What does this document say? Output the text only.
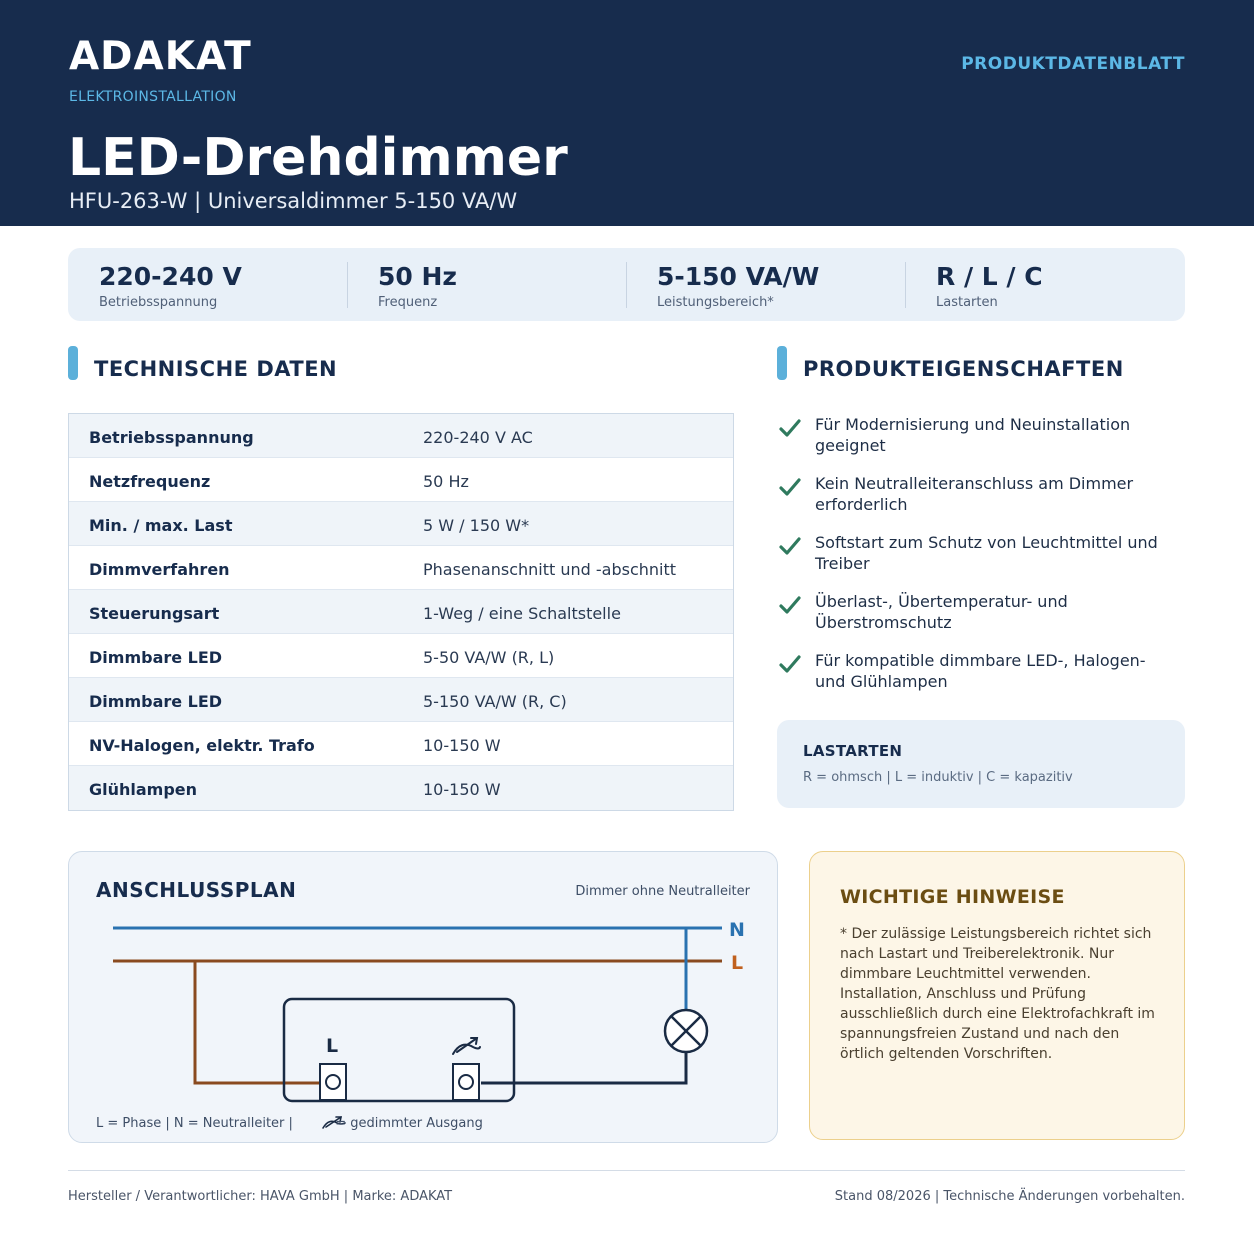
ADAKAT
ELEKTROINSTALLATION
PRODUKTDATENBLATT
LED-Drehdimmer
HFU-263-W | Universaldimmer 5-150 VA/W
220-240 V
Betriebsspannung
50 Hz
Frequenz
5-150 VA/W
Leistungsbereich*
R / L / C
Lastarten
TECHNISCHE DATEN
Betriebsspannung	220-240 V AC
Netzfrequenz	50 Hz
Min. / max. Last	5 W / 150 W*
Dimmverfahren	Phasenanschnitt und -abschnitt
Steuerungsart	1-Weg / eine Schaltstelle
Dimmbare LED	5-50 VA/W (R, L)
Dimmbare LED	5-150 VA/W (R, C)
NV-Halogen, elektr. Trafo	10-150 W
Glühlampen	10-150 W
PRODUKTEIGENSCHAFTEN
Für Modernisierung und Neuinstallation geeignet
Kein Neutralleiteranschluss am Dimmer erforderlich
Softstart zum Schutz von Leuchtmittel und Treiber
Überlast-, Übertemperatur- und Überstromschutz
Für kompatible dimmbare LED-, Halogen- und Glühlampen
LASTARTEN
R = ohmsch | L = induktiv | C = kapazitiv
N
L
L
ANSCHLUSSPLAN	Dimmer ohne Neutralleiter
L = Phase | N = Neutralleiter |	= gedimmter Ausgang
WICHTIGE HINWEISE
* Der zulässige Leistungsbereich richtet sich nach Lastart und Treiberelektronik. Nur dimmbare Leuchtmittel verwenden. Installation, Anschluss und Prüfung ausschließlich durch eine Elektrofachkraft im spannungsfreien Zustand und nach den örtlich geltenden Vorschriften.
Hersteller / Verantwortlicher: HAVA GmbH | Marke: ADAKAT	Stand 08/2026 | Technische Änderungen vorbehalten.
